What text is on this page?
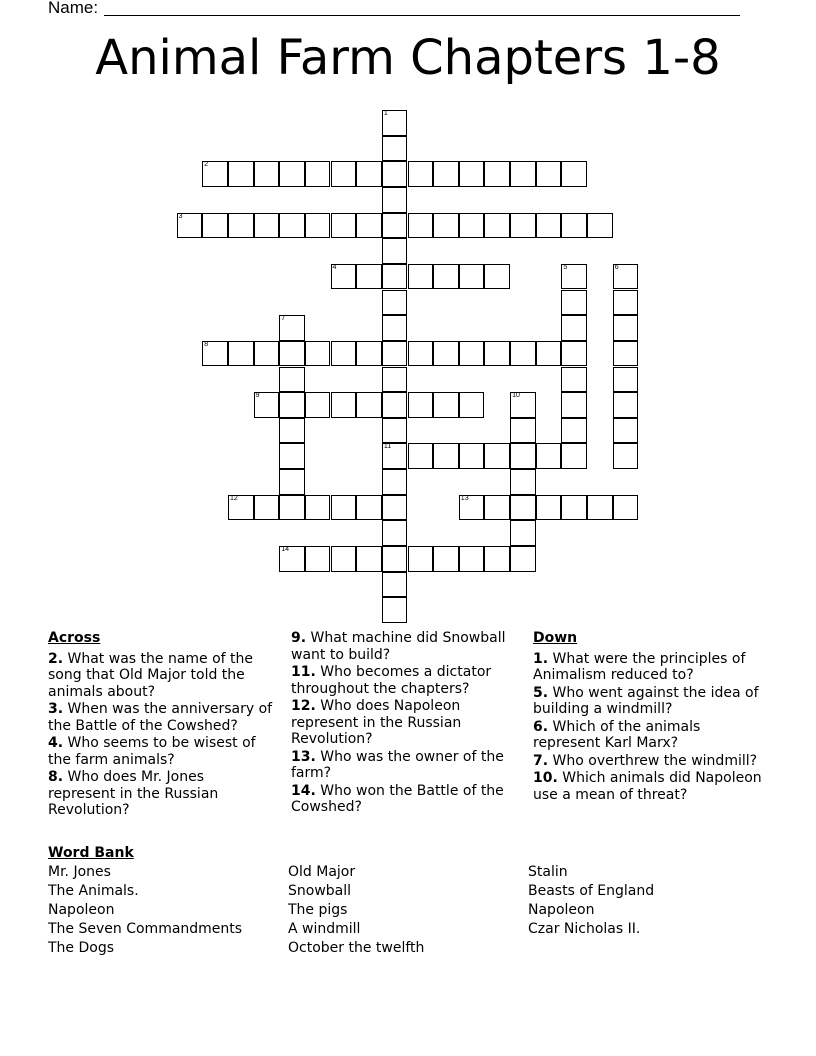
Name:
Animal Farm Chapters 1-8
1
11
2
3
4	5	6
7
8
9	10
12	13
14
Across
2. What was the name of the song that Old Major told the animals about?
3. When was the anniversary of the Battle of the Cowshed?
4. Who seems to be wisest of the farm animals?
8. Who does Mr. Jones represent in the Russian Revolution?
9. What machine did Snowball want to build?
11. Who becomes a dictator throughout the chapters?
12. Who does Napoleon represent in the Russian Revolution?
13. Who was the owner of the farm?
14. Who won the Battle of the Cowshed?
Down
1. What were the principles of Animalism reduced to?
5. Who went against the idea of building a windmill?
6. Which of the animals represent Karl Marx?
7. Who overthrew the windmill?
10. Which animals did Napoleon use a mean of threat?
Word Bank
Mr. Jones
The Animals.
Napoleon
The Seven Commandments
The Dogs
Old Major
Snowball
The pigs
A windmill
October the twelfth
Stalin
Beasts of England
Napoleon
Czar Nicholas II.
